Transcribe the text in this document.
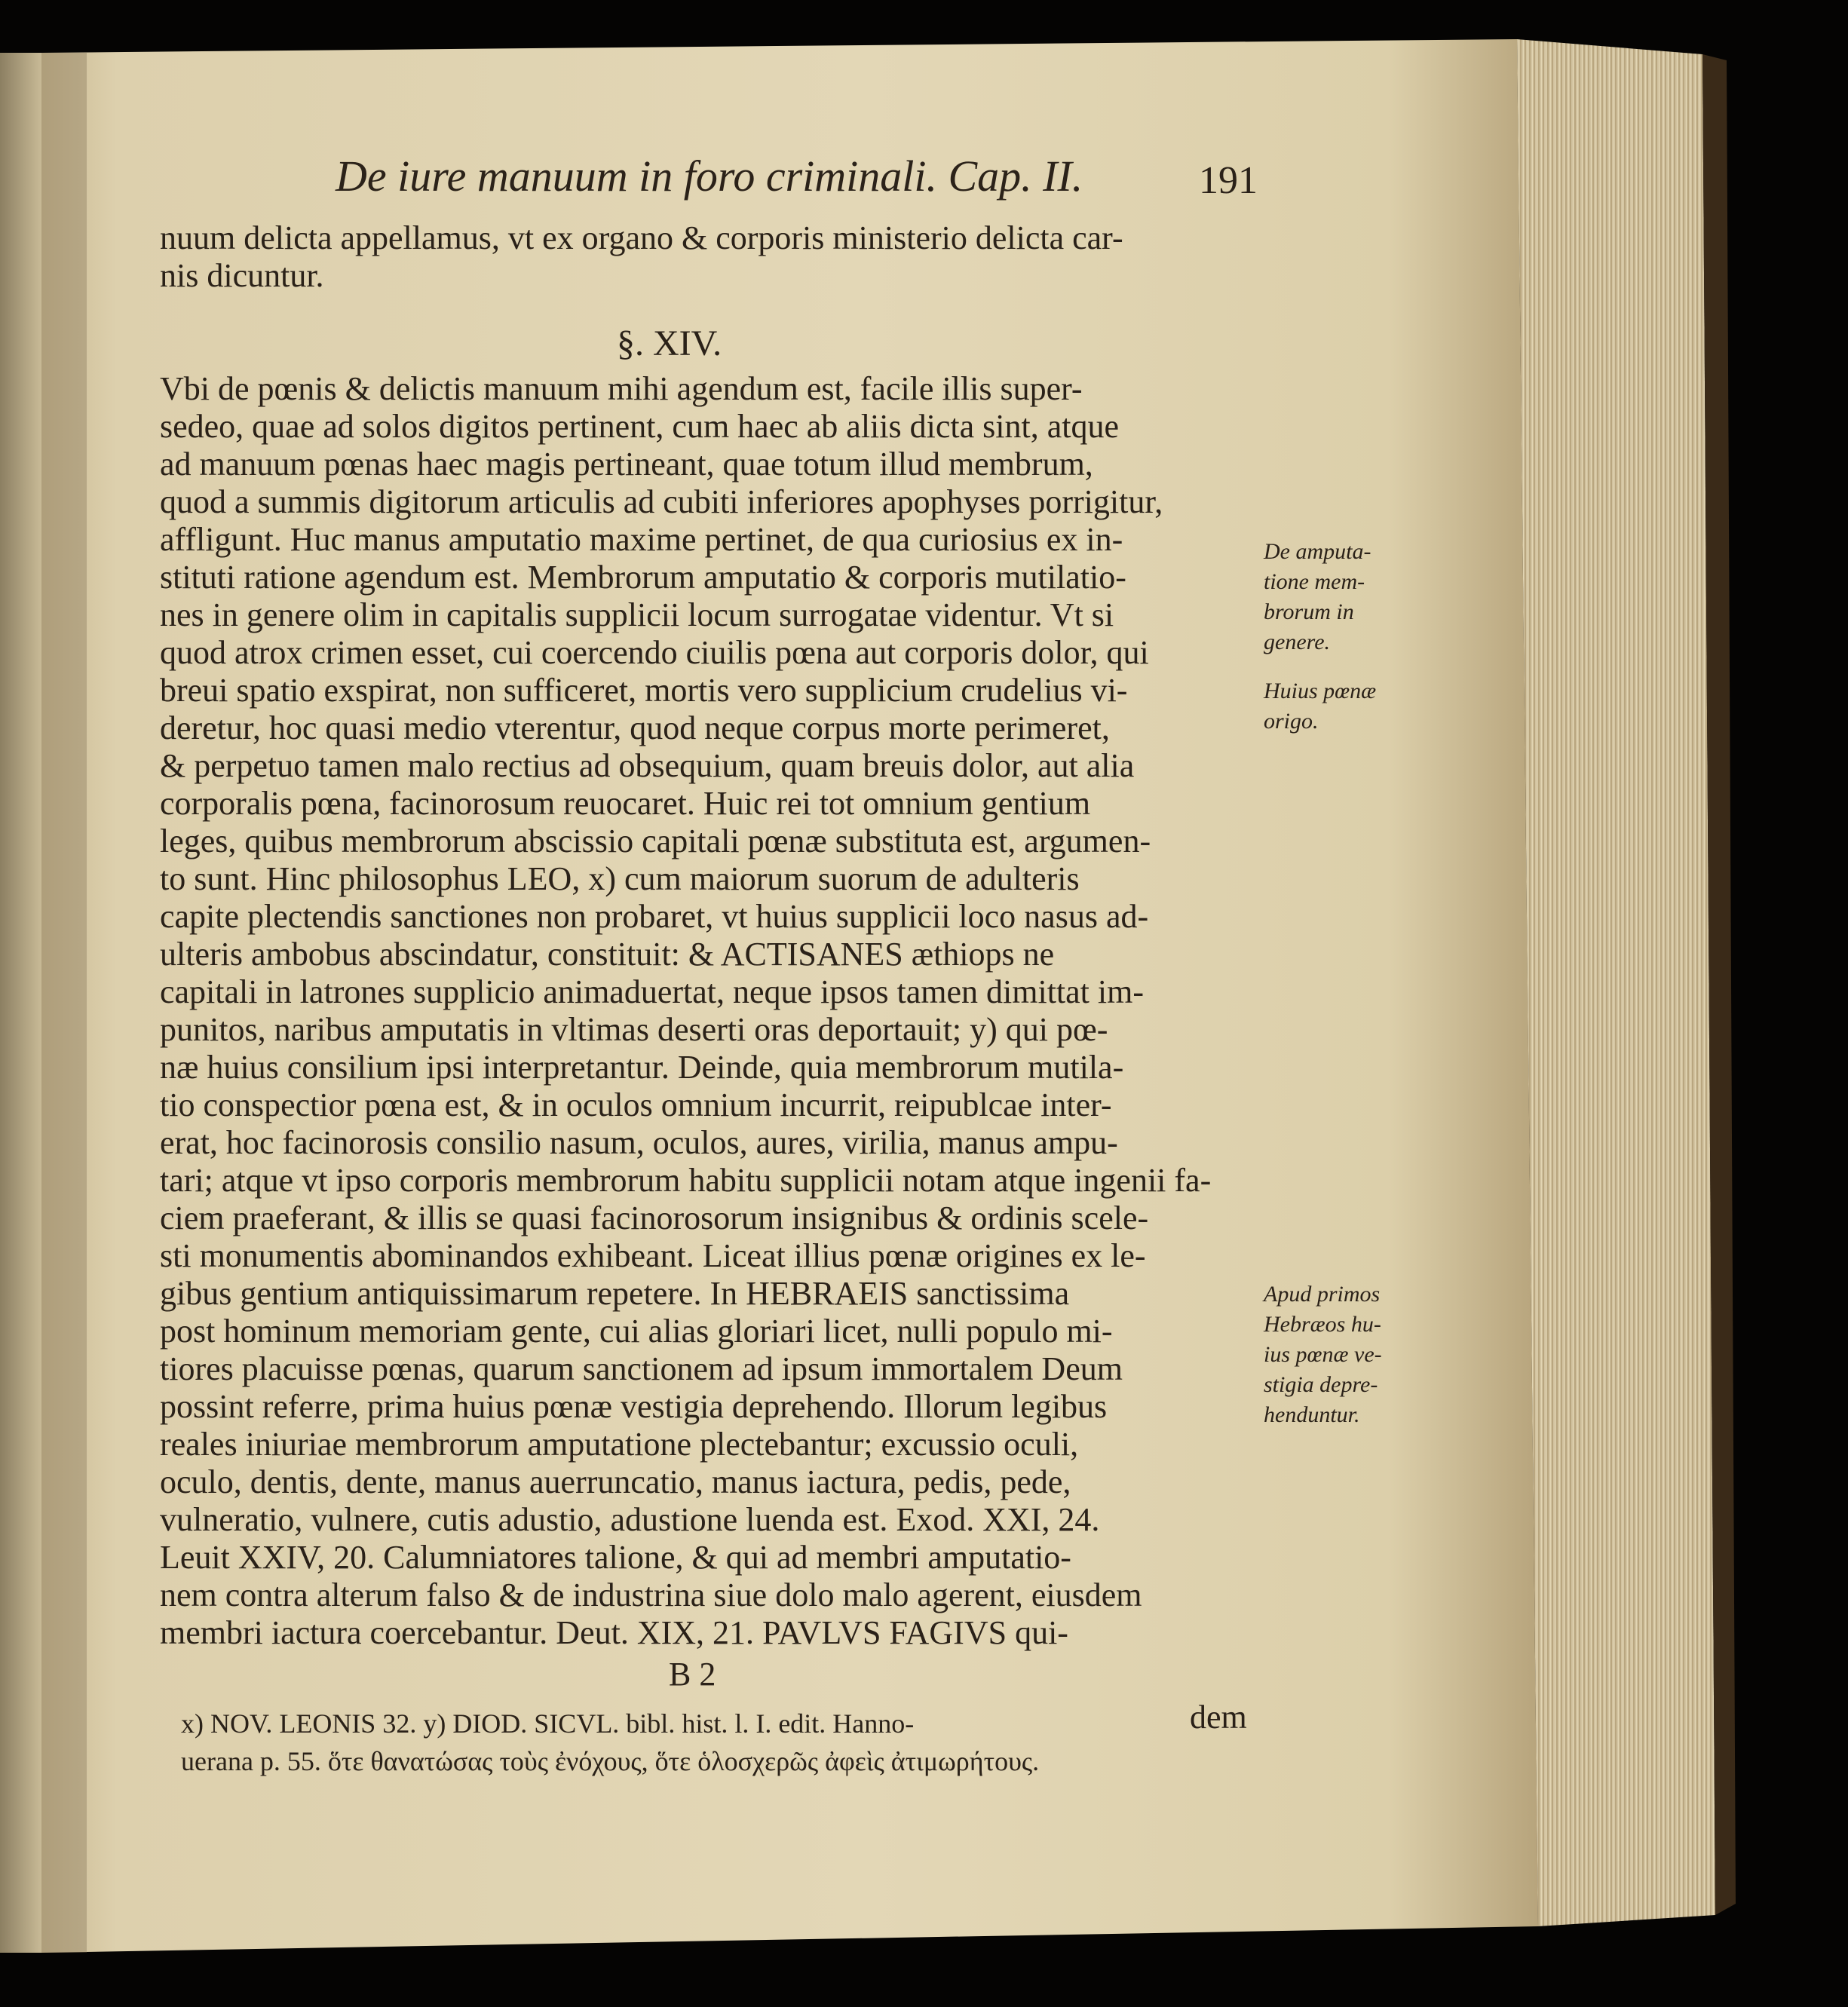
De iure manuum in foro criminali. Cap. II.	191
nuum delicta appellamus, vt ex organo & corporis ministerio delicta car-
nis dicuntur.
§. XIV.
Vbi de pœnis & delictis manuum mihi agendum est, facile illis super-
sedeo, quae ad solos digitos pertinent, cum haec ab aliis dicta sint, atque
ad manuum pœnas haec magis pertineant, quae totum illud membrum,
quod a summis digitorum articulis ad cubiti inferiores apophyses porrigitur,
affligunt. Huc manus amputatio maxime pertinet, de qua curiosius ex in-
stituti ratione agendum est. Membrorum amputatio & corporis mutilatio-
nes in genere olim in capitalis supplicii locum surrogatae videntur. Vt si
quod atrox crimen esset, cui coercendo ciuilis pœna aut corporis dolor, qui
breui spatio exspirat, non sufficeret, mortis vero supplicium crudelius vi-
deretur, hoc quasi medio vterentur, quod neque corpus morte perimeret,
& perpetuo tamen malo rectius ad obsequium, quam breuis dolor, aut alia
corporalis pœna, facinorosum reuocaret. Huic rei tot omnium gentium
leges, quibus membrorum abscissio capitali pœnæ substituta est, argumen-
to sunt. Hinc philosophus LEO, x) cum maiorum suorum de adulteris
capite plectendis sanctiones non probaret, vt huius supplicii loco nasus ad-
ulteris ambobus abscindatur, constituit: & ACTISANES æthiops ne
capitali in latrones supplicio animaduertat, neque ipsos tamen dimittat im-
punitos, naribus amputatis in vltimas deserti oras deportauit; y) qui pœ-
næ huius consilium ipsi interpretantur. Deinde, quia membrorum mutila-
tio conspectior pœna est, & in oculos omnium incurrit, reipublcae inter-
erat, hoc facinorosis consilio nasum, oculos, aures, virilia, manus ampu-
tari; atque vt ipso corporis membrorum habitu supplicii notam atque ingenii fa-
ciem praeferant, & illis se quasi facinorosorum insignibus & ordinis scele-
sti monumentis abominandos exhibeant. Liceat illius pœnæ origines ex le-
gibus gentium antiquissimarum repetere. In HEBRAEIS sanctissima
post hominum memoriam gente, cui alias gloriari licet, nulli populo mi-
tiores placuisse pœnas, quarum sanctionem ad ipsum immortalem Deum
possint referre, prima huius pœnæ vestigia deprehendo. Illorum legibus
reales iniuriae membrorum amputatione plectebantur; excussio oculi,
oculo, dentis, dente, manus auerruncatio, manus iactura, pedis, pede,
vulneratio, vulnere, cutis adustio, adustione luenda est. Exod. XXI, 24.
Leuit XXIV, 20. Calumniatores talione, & qui ad membri amputatio-
nem contra alterum falso & de industrina siue dolo malo agerent, eiusdem
membri iactura coercebantur. Deut. XIX, 21. PAVLVS FAGIVS qui-
B 2
dem
x) NOV. LEONIS 32. y) DIOD. SICVL. bibl. hist. l. I. edit. Hanno-
uerana p. 55. ὅτε θανατώσας τοὺς ἐνόχους, ὅτε ὁλοσχερῶς ἀφεὶς ἀτιμωρήτους.
De amputa-
tione mem-
brorum in
genere.
Huius pœnæ
origo.
Apud primos
Hebræos hu-
ius pœnæ ve-
stigia depre-
henduntur.
